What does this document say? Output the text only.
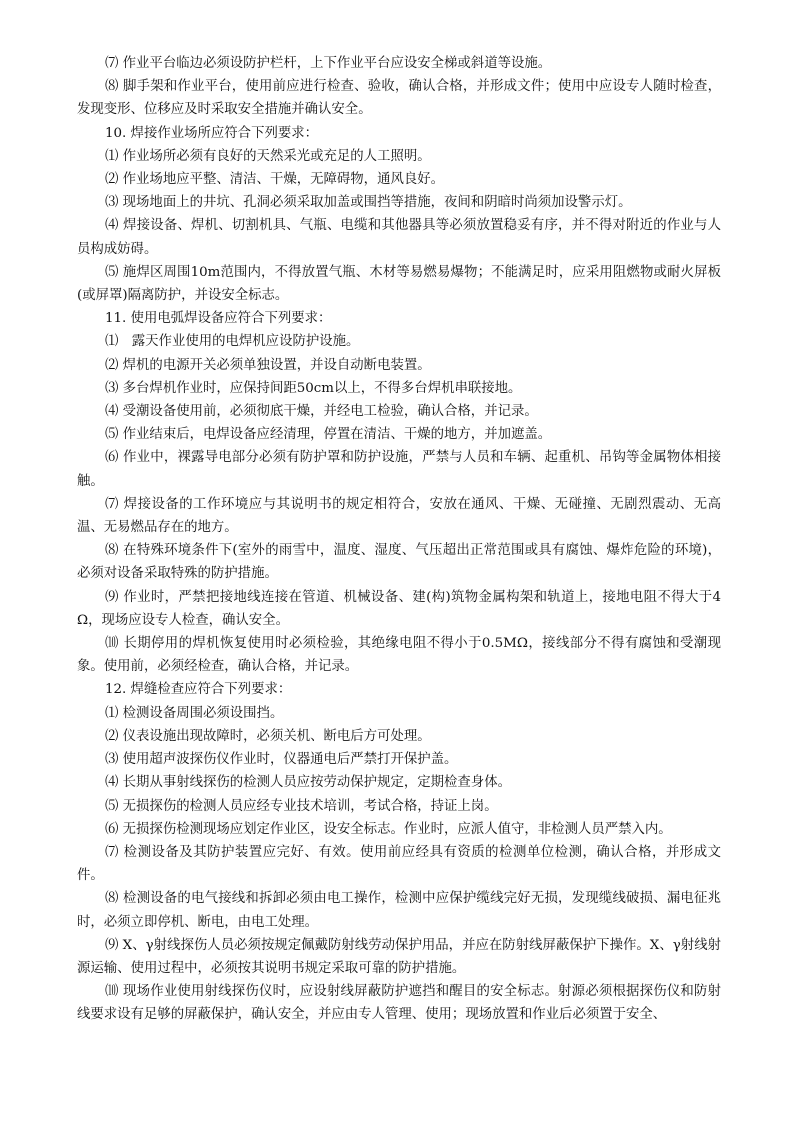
⑺ 作业平台临边必须设防护栏杆，上下作业平台应设安全梯或斜道等设施。

⑻ 脚手架和作业平台，使用前应进行检查、验收，确认合格，并形成文件；使用中应设专人随时检查，发现变形、位移应及时采取安全措施并确认安全。

10. 焊接作业场所应符合下列要求：

⑴ 作业场所必须有良好的天然采光或充足的人工照明。

⑵ 作业场地应平整、清洁、干燥，无障碍物，通风良好。

⑶ 现场地面上的井坑、孔洞必须采取加盖或围挡等措施，夜间和阴暗时尚须加设警示灯。

⑷ 焊接设备、焊机、切割机具、气瓶、电缆和其他器具等必须放置稳妥有序，并不得对附近的作业与人员构成妨碍。

⑸ 施焊区周围10m范围内，不得放置气瓶、木材等易燃易爆物；不能满足时，应采用阻燃物或耐火屏板(或屏罩)隔离防护，并设安全标志。

11. 使用电弧焊设备应符合下列要求：

⑴　露天作业使用的电焊机应设防护设施。

⑵ 焊机的电源开关必须单独设置，并设自动断电装置。

⑶ 多台焊机作业时，应保持间距50cm以上，不得多台焊机串联接地。

⑷ 受潮设备使用前，必须彻底干燥，并经电工检验，确认合格，并记录。

⑸ 作业结束后，电焊设备应经清理，停置在清洁、干燥的地方，并加遮盖。

⑹ 作业中，裸露导电部分必须有防护罩和防护设施，严禁与人员和车辆、起重机、吊钩等金属物体相接触。

⑺ 焊接设备的工作环境应与其说明书的规定相符合，安放在通风、干燥、无碰撞、无剧烈震动、无高温、无易燃品存在的地方。

⑻ 在特殊环境条件下(室外的雨雪中，温度、湿度、气压超出正常范围或具有腐蚀、爆炸危险的环境)，必须对设备采取特殊的防护措施。

⑼ 作业时，严禁把接地线连接在管道、机械设备、建(构)筑物金属构架和轨道上，接地电阻不得大于4Ω，现场应设专人检查，确认安全。

⑽ 长期停用的焊机恢复使用时必须检验，其绝缘电阻不得小于0.5MΩ，接线部分不得有腐蚀和受潮现象。使用前，必须经检查，确认合格，并记录。

12. 焊缝检查应符合下列要求：

⑴ 检测设备周围必须设围挡。

⑵ 仪表设施出现故障时，必须关机、断电后方可处理。

⑶ 使用超声波探伤仪作业时，仪器通电后严禁打开保护盖。

⑷ 长期从事射线探伤的检测人员应按劳动保护规定，定期检查身体。

⑸ 无损探伤的检测人员应经专业技术培训，考试合格，持证上岗。

⑹ 无损探伤检测现场应划定作业区，设安全标志。作业时，应派人值守，非检测人员严禁入内。

⑺ 检测设备及其防护装置应完好、有效。使用前应经具有资质的检测单位检测，确认合格，并形成文件。

⑻ 检测设备的电气接线和拆卸必须由电工操作，检测中应保护缆线完好无损，发现缆线破损、漏电征兆时，必须立即停机、断电，由电工处理。

⑼ Χ、γ射线探伤人员必须按规定佩戴防射线劳动保护用品，并应在防射线屏蔽保护下操作。Χ、γ射线射源运输、使用过程中，必须按其说明书规定采取可靠的防护措施。

⑽ 现场作业使用射线探伤仪时，应设射线屏蔽防护遮挡和醒目的安全标志。射源必须根据探伤仪和防射线要求设有足够的屏蔽保护，确认安全，并应由专人管理、使用；现场放置和作业后必须置于安全、
